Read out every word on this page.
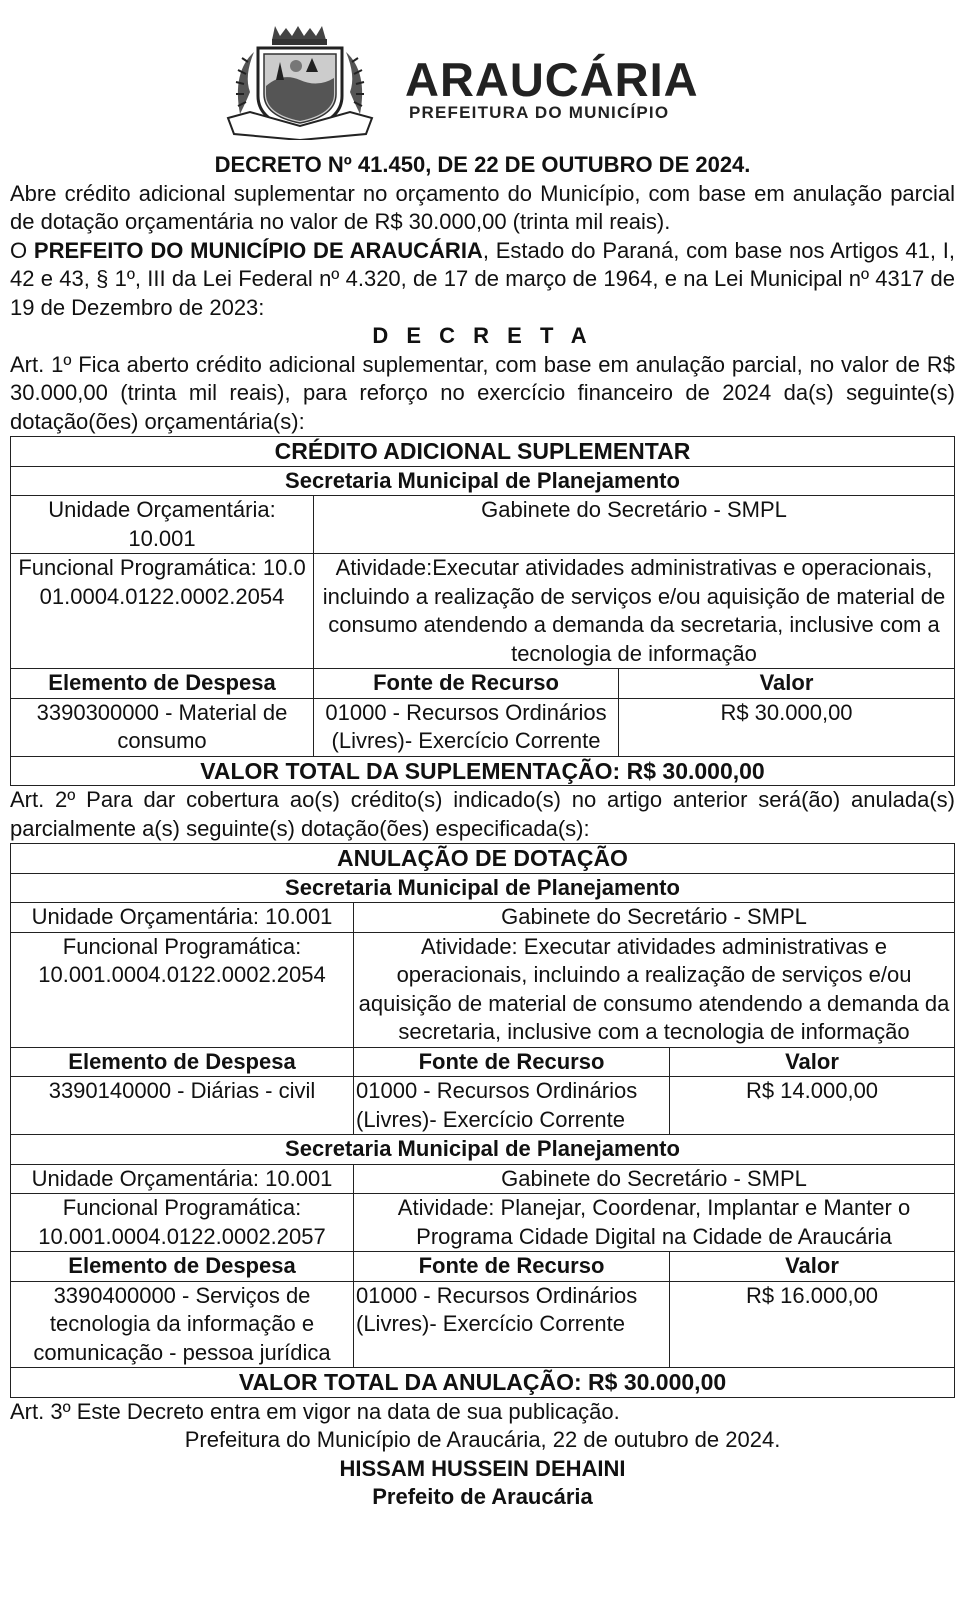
ARAUCÁRIA
PREFEITURA DO MUNICÍPIO
DECRETO Nº 41.450, DE 22 DE OUTUBRO DE 2024.
Abre crédito adicional suplementar no orçamento do Município, com base em anulação parcial de dotação orçamentária no valor de R$ 30.000,00 (trinta mil reais).
O PREFEITO DO MUNICÍPIO DE ARAUCÁRIA, Estado do Paraná, com base nos Artigos 41, I, 42 e 43, § 1º, III da Lei Federal nº 4.320, de 17 de março de 1964, e na Lei Municipal nº 4317 de 19 de Dezembro de 2023:
D E C R E T A
Art. 1º Fica aberto crédito adicional suplementar, com base em anulação parcial, no valor de R$ 30.000,00 (trinta mil reais), para reforço no exercício financeiro de 2024 da(s) seguinte(s) dotação(ões) orçamentária(s):
CRÉDITO ADICIONAL SUPLEMENTAR		
Secretaria Municipal de Planejamento		
Unidade Orçamentária: 10.001	Gabinete do Secretário - SMPL	
Funcional Programática: 10.001.0004.0122.0002.2054	Atividade:Executar atividades administrativas e operacionais, incluindo a realização de serviços e/ou aquisição de material de consumo atendendo a demanda da secretaria, inclusive com a tecnologia de informação	
Elemento de Despesa	Fonte de Recurso	Valor
3390300000 - Material de consumo	01000 - Recursos Ordinários (Livres)- Exercício Corrente	R$ 30.000,00
VALOR TOTAL DA SUPLEMENTAÇÃO: R$ 30.000,00		
Art. 2º Para dar cobertura ao(s) crédito(s) indicado(s) no artigo anterior será(ão) anulada(s) parcialmente a(s) seguinte(s) dotação(ões) especificada(s):
ANULAÇÃO DE DOTAÇÃO		
Secretaria Municipal de Planejamento		
Unidade Orçamentária: 10.001	Gabinete do Secretário - SMPL	
Funcional Programática: 10.001.0004.0122.0002.2054	Atividade: Executar atividades administrativas e operacionais, incluindo a realização de serviços e/ou aquisição de material de consumo atendendo a demanda da secretaria, inclusive com a tecnologia de informação	
Elemento de Despesa	Fonte de Recurso	Valor
3390140000 - Diárias - civil	01000 - Recursos Ordinários (Livres)- Exercício Corrente	R$ 14.000,00
Secretaria Municipal de Planejamento		
Unidade Orçamentária: 10.001	Gabinete do Secretário - SMPL	
Funcional Programática: 10.001.0004.0122.0002.2057	Atividade: Planejar, Coordenar, Implantar e Manter o Programa Cidade Digital na Cidade de Araucária	
Elemento de Despesa	Fonte de Recurso	Valor
3390400000 - Serviços de tecnologia da informação e comunicação - pessoa jurídica	01000 - Recursos Ordinários (Livres)- Exercício Corrente	R$ 16.000,00
VALOR TOTAL DA ANULAÇÃO: R$ 30.000,00		
Art. 3º Este Decreto entra em vigor na data de sua publicação.
Prefeitura do Município de Araucária, 22 de outubro de 2024.
HISSAM HUSSEIN DEHAINI
Prefeito de Araucária
